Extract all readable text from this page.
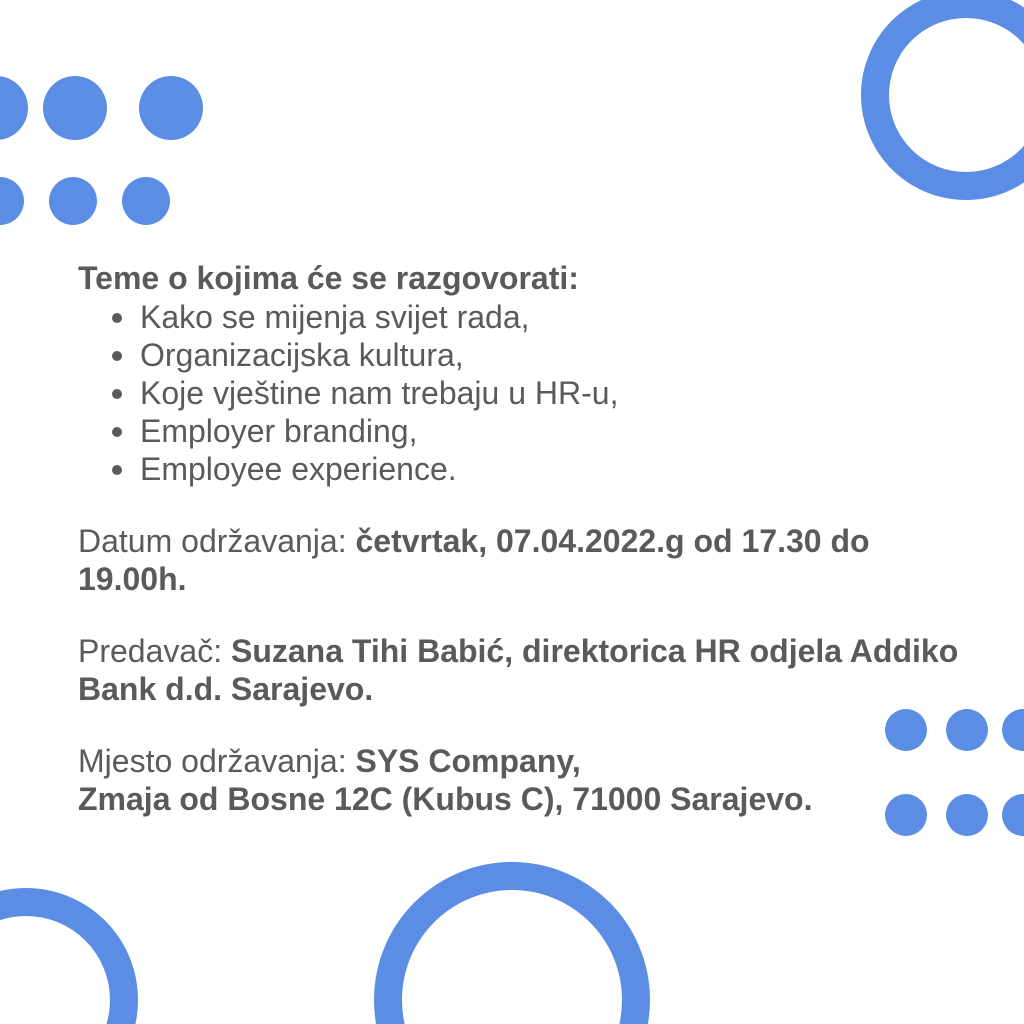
Teme o kojima će se razgovorati:

Kako se mijenja svijet rada,
Organizacijska kultura,
Koje vještine nam trebaju u HR-u,
Employer branding,
Employee experience.

Datum održavanja: četvrtak, 07.04.2022.g od 17.30 do 19.00h.

Predavač: Suzana Tihi Babić, direktorica HR odjela Addiko Bank d.d. Sarajevo.

Mjesto održavanja: SYS Company,
Zmaja od Bosne 12C (Kubus C), 71000 Sarajevo.
